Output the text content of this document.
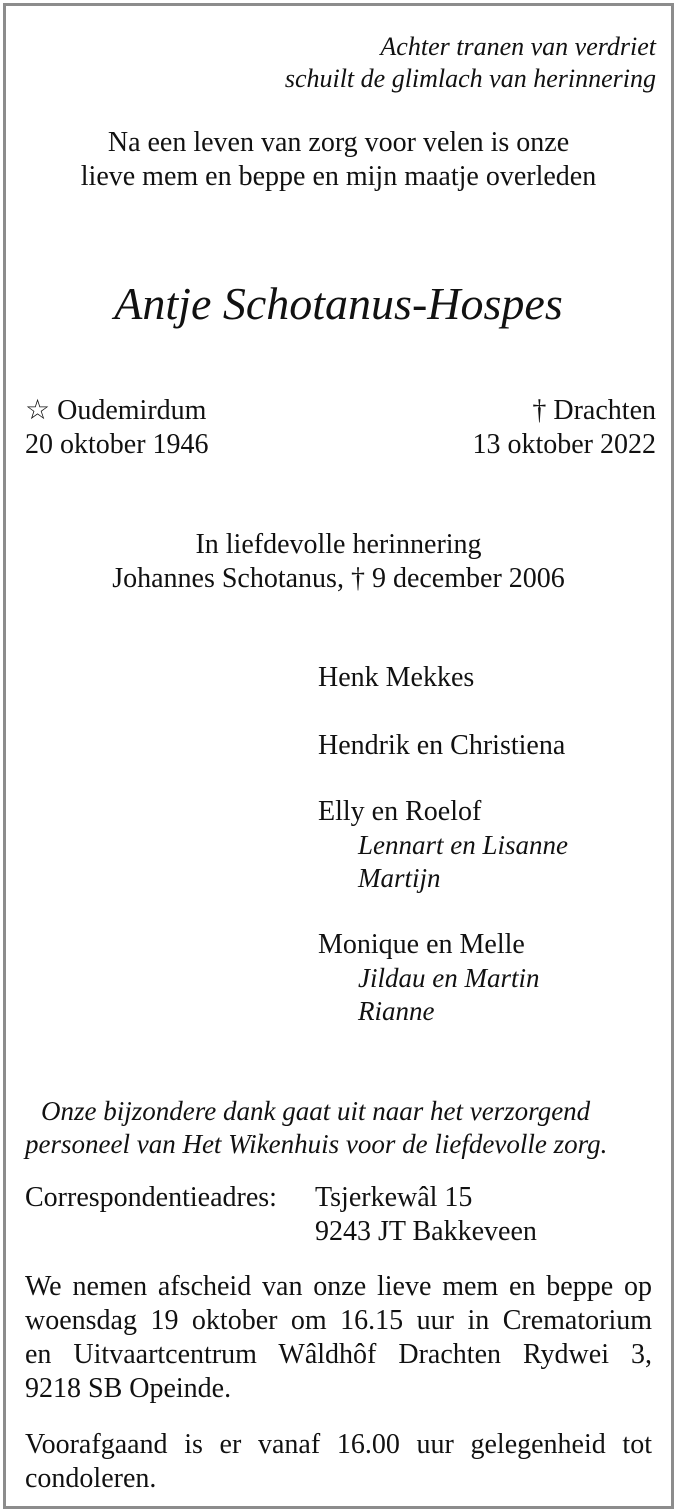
Achter tranen van verdriet

schuilt de glimlach van herinnering

Na een leven van zorg voor velen is onze

lieve mem en beppe en mijn maatje overleden

Antje Schotanus-Hospes

☆ Oudemirdum

20 oktober 1946

† Drachten

13 oktober 2022

In liefdevolle herinnering

Johannes Schotanus, † 9 december 2006

Henk Mekkes

Hendrik en Christiena

Elly en Roelof

Lennart en Lisanne

Martijn

Monique en Melle

Jildau en Martin

Rianne

Onze bijzondere dank gaat uit naar het verzorgend

personeel van Het Wikenhuis voor de liefdevolle zorg.

Correspondentieadres: Tsjerkewâl 15

9243 JT Bakkeveen

We nemen afscheid van onze lieve mem en beppe op
woensdag 19 oktober om 16.15 uur in Crematorium
en Uitvaartcentrum Wâldhôf Drachten Rydwei 3,
9218 SB Opeinde.
Voorafgaand is er vanaf 16.00 uur gelegenheid tot
condoleren.
